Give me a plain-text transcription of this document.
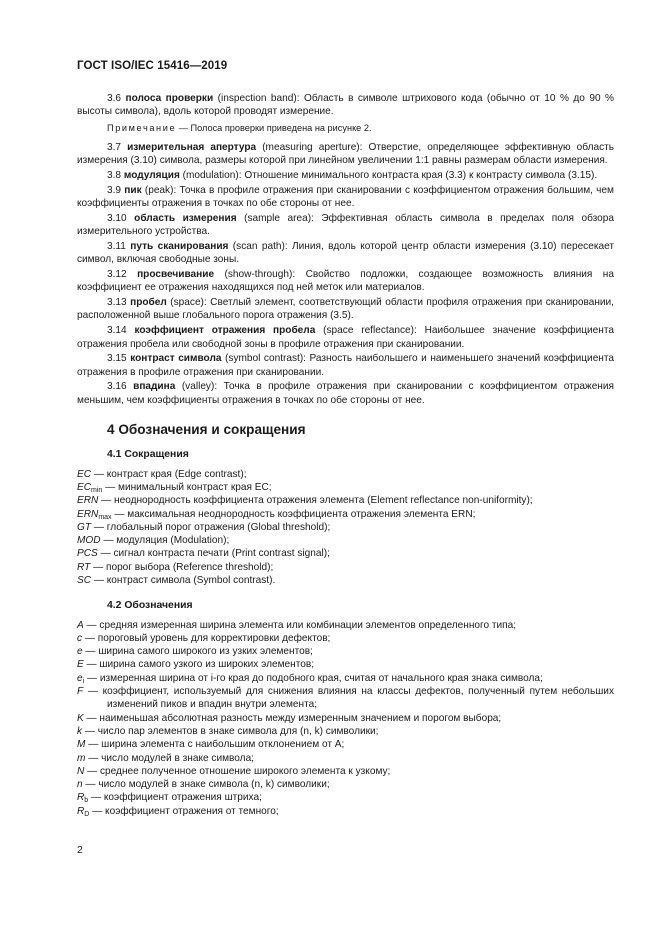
ГОСТ ISO/IEC 15416—2019
3.6 полоса проверки (inspection band): Область в символе штрихового кода (обычно от 10 % до 90 % высоты символа), вдоль которой проводят измерение.
Примечание — Полоса проверки приведена на рисунке 2.
3.7 измерительная апертура (measuring aperture): Отверстие, определяющее эффективную область измерения (3.10) символа, размеры которой при линейном увеличении 1:1 равны размерам области измерения.
3.8 модуляция (modulation): Отношение минимального контраста края (3.3) к контрасту символа (3.15).
3.9 пик (peak): Точка в профиле отражения при сканировании с коэффициентом отражения большим, чем коэффициенты отражения в точках по обе стороны от нее.
3.10 область измерения (sample area): Эффективная область символа в пределах поля обзора измерительного устройства.
3.11 путь сканирования (scan path): Линия, вдоль которой центр области измерения (3.10) пересекает символ, включая свободные зоны.
3.12 просвечивание (show-through): Свойство подложки, создающее возможность влияния на коэффициент ее отражения находящихся под ней меток или материалов.
3.13 пробел (space): Светлый элемент, соответствующий области профиля отражения при сканировании, расположенной выше глобального порога отражения (3.5).
3.14 коэффициент отражения пробела (space reflectance): Наибольшее значение коэффициента отражения пробела или свободной зоны в профиле отражения при сканировании.
3.15 контраст символа (symbol contrast): Разность наибольшего и наименьшего значений коэффициента отражения в профиле отражения при сканировании.
3.16 впадина (valley): Точка в профиле отражения при сканировании с коэффициентом отражения меньшим, чем коэффициенты отражения в точках по обе стороны от нее.
4 Обозначения и сокращения
4.1 Сокращения
EC — контраст края (Edge contrast);
$EC_{min}$ — минимальный контраст края EC;
ERN — неоднородность коэффициента отражения элемента (Element reflectance non-uniformity);
$ERN_{max}$ — максимальная неоднородность коэффициента отражения элемента ERN;
GT — глобальный порог отражения (Global threshold);
MOD — модуляция (Modulation);
PCS — сигнал контраста печати (Print contrast signal);
RT — порог выбора (Reference threshold);
SC — контраст символа (Symbol contrast).
4.2 Обозначения
A — средняя измеренная ширина элемента или комбинации элементов определенного типа;
c — пороговый уровень для корректировки дефектов;
e — ширина самого широкого из узких элементов;
E — ширина самого узкого из широких элементов;
$e_i$ — измеренная ширина от i-го края до подобного края, считая от начального края знака символа;
F — коэффициент, используемый для снижения влияния на классы дефектов, полученный путем небольших изменений пиков и впадин внутри элемента;
K — наименьшая абсолютная разность между измеренным значением и порогом выбора;
k — число пар элементов в знаке символа для (n, k) символики;
M — ширина элемента с наибольшим отклонением от A;
m — число модулей в знаке символа;
N — среднее полученное отношение широкого элемента к узкому;
n — число модулей в знаке символа (n, k) символики;
$R_b$ — коэффициент отражения штриха;
$R_D$ — коэффициент отражения от темного;
2
